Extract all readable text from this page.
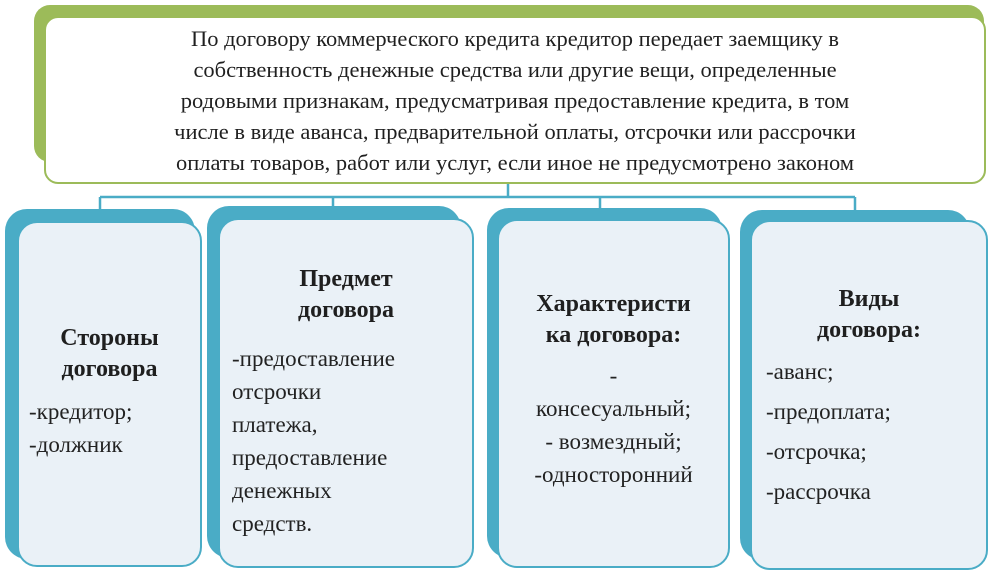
По договору коммерческого кредита кредитор передает заемщику в
собственность денежные средства или другие вещи, определенные
родовыми признакам, предусматривая предоставление кредита, в том
числе в виде аванса, предварительной оплаты, отсрочки или рассрочки
оплаты товаров, работ или услуг, если иное не предусмотрено законом
Стороны
договора
-кредитор;
-должник
Предмет
договора
-предоставление
отсрочки
платежа,
предоставление
денежных
средств.
Характеристи
ка договора:
-
консесуальный;
- возмездный;
-односторонний
Виды
договора:
-аванс;
-предоплата;
-отсрочка;
-рассрочка
